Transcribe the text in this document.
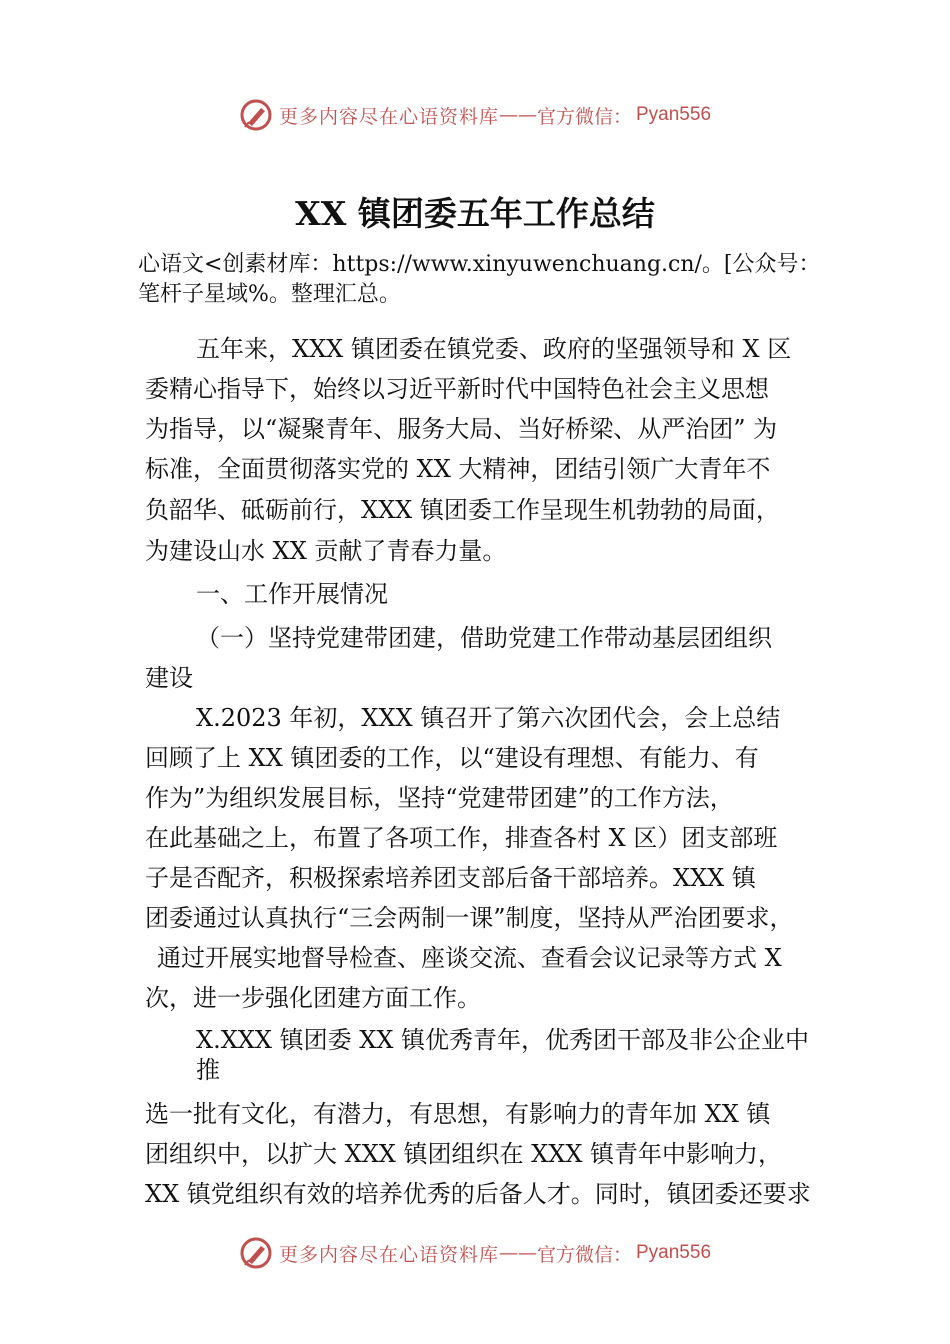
更多内容尽在心语资料库 —— 官方微信： Pyan556
XX 镇团委五年工作总结

心语文<创素材库：https://www.xinyuwenchuang.cn/。[公众号：笔杆子星域%。整理汇总。

五年来，XXX 镇团委在镇党委、政府的坚强领导和 X 区

委精心指导下，始终以习近平新时代中国特色社会主义思想

为指导，以“凝聚青年、服务大局、当好桥梁、从严治团” 为

标准，全面贯彻落实党的 XX 大精神，团结引领广大青年不

负韶华、砥砺前行，XXX 镇团委工作呈现生机勃勃的局面，

为建设山水 XX 贡献了青春力量。

一、工作开展情况

（一）坚持党建带团建，借助党建工作带动基层团组织

建设

X.2023 年初，XXX 镇召开了第六次团代会，会上总结

回顾了上 XX 镇团委的工作，以“建设有理想、有能力、有

作为”为组织发展目标，坚持“党建带团建”的工作方法，

在此基础之上，布置了各项工作，排查各村 X 区）团支部班

子是否配齐，积极探索培养团支部后备干部培养。XXX 镇

团委通过认真执行“三会两制一课”制度，坚持从严治团要求，

通过开展实地督导检查、座谈交流、查看会议记录等方式 X

次，进一步强化团建方面工作。

X.XXX 镇团委 XX 镇优秀青年，优秀团干部及非公企业中

推

选一批有文化，有潜力，有思想，有影响力的青年加 XX 镇

团组织中，以扩大 XXX 镇团组织在 XXX 镇青年中影响力，

XX 镇党组织有效的培养优秀的后备人才。同时，镇团委还要求

更多内容尽在心语资料库 —— 官方微信： Pyan556
